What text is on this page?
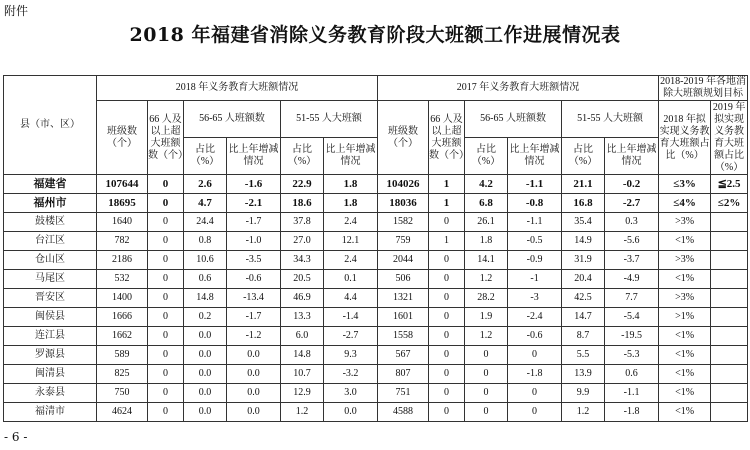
附件
2018 年福建省消除义务教育阶段大班额工作进展情况表
县（市、区）	2018 年义务教育大班额情况						2017 年义务教育大班额情况						2018-2019 年各地消除大班额规划目标	
	班级数（个）	66 人及以上超大班额数（个）	56-65 人班额数		51-55 人大班额		班级数（个）	66 人及以上超大班额数（个）	56-65 人班额数		51-55 人大班额		2018 年拟实现义务教育大班额占比（%）	2019 年拟实现义务教育大班额占比（%）
			占比（%）	比上年增减情况	占比（%）	比上年增减情况			占比（%）	比上年增减情况	占比（%）	比上年增减情况		
福建省	107644	0	2.6	-1.6	22.9	1.8	104026	1	4.2	-1.1	21.1	-0.2	≤3%	≦2.5
福州市	18695	0	4.7	-2.1	18.6	1.8	18036	1	6.8	-0.8	16.8	-2.7	≤4%	≤2%
鼓楼区	1640	0	24.4	-1.7	37.8	2.4	1582	0	26.1	-1.1	35.4	0.3	>3%	
台江区	782	0	0.8	-1.0	27.0	12.1	759	1	1.8	-0.5	14.9	-5.6	<1%	
仓山区	2186	0	10.6	-3.5	34.3	2.4	2044	0	14.1	-0.9	31.9	-3.7	>3%	
马尾区	532	0	0.6	-0.6	20.5	0.1	506	0	1.2	-1	20.4	-4.9	<1%	
晋安区	1400	0	14.8	-13.4	46.9	4.4	1321	0	28.2	-3	42.5	7.7	>3%	
闽侯县	1666	0	0.2	-1.7	13.3	-1.4	1601	0	1.9	-2.4	14.7	-5.4	>1%	
连江县	1662	0	0.0	-1.2	6.0	-2.7	1558	0	1.2	-0.6	8.7	-19.5	<1%	
罗源县	589	0	0.0	0.0	14.8	9.3	567	0	0	0	5.5	-5.3	<1%	
闽清县	825	0	0.0	0.0	10.7	-3.2	807	0	0	-1.8	13.9	0.6	<1%	
永泰县	750	0	0.0	0.0	12.9	3.0	751	0	0	0	9.9	-1.1	<1%	
福清市	4624	0	0.0	0.0	1.2	0.0	4588	0	0	0	1.2	-1.8	<1%	
- 6 -
